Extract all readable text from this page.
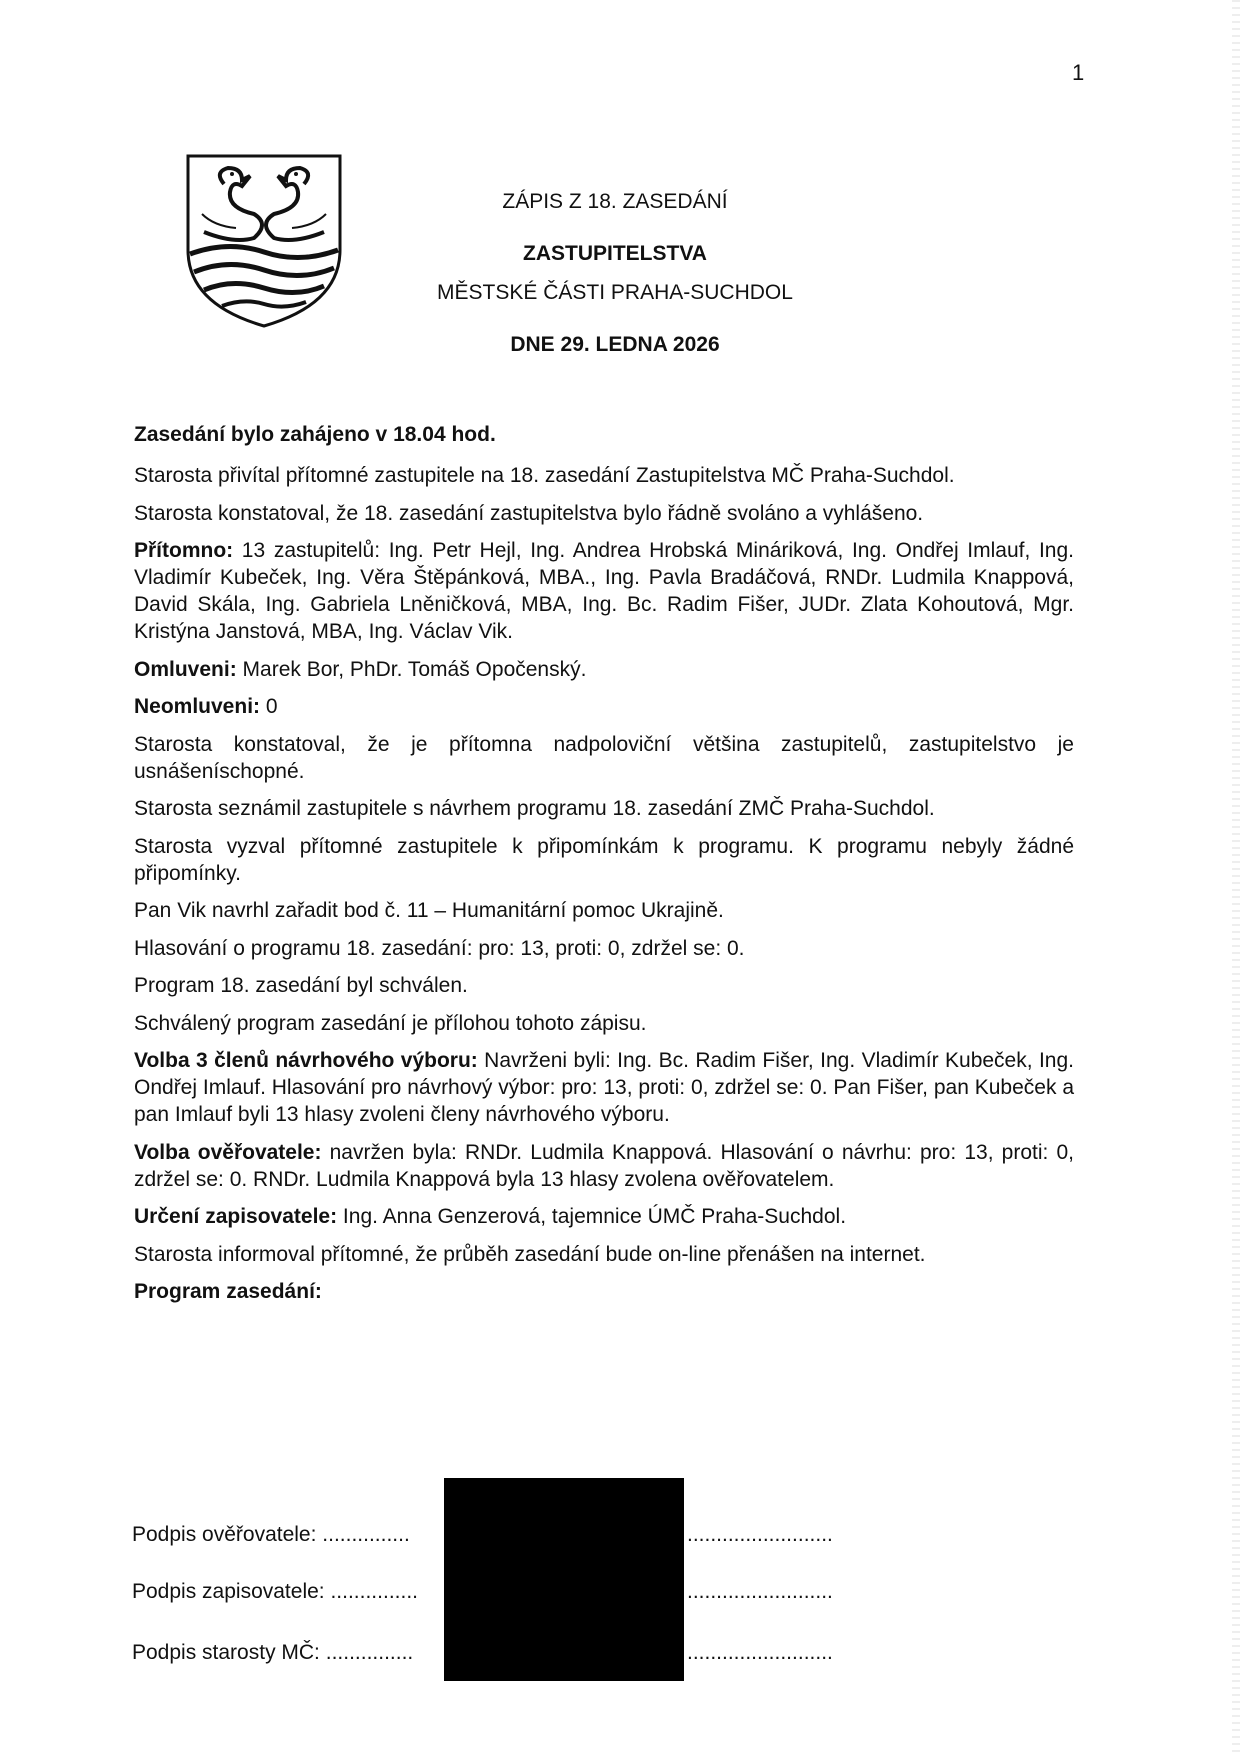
1
ZÁPIS Z 18. ZASEDÁNÍ
ZASTUPITELSTVA
MĚSTSKÉ ČÁSTI PRAHA-SUCHDOL
DNE 29. LEDNA 2026

Zasedání bylo zahájeno v 18.04 hod.

Starosta přivítal přítomné zastupitele na 18. zasedání Zastupitelstva MČ Praha-Suchdol.

Starosta konstatoval, že 18. zasedání zastupitelstva bylo řádně svoláno a vyhlášeno.

Přítomno: 13 zastupitelů: Ing. Petr Hejl, Ing. Andrea Hrobská Mináriková, Ing. Ondřej Imlauf, Ing. Vladimír Kubeček, Ing. Věra Štěpánková, MBA., Ing. Pavla Bradáčová, RNDr. Ludmila Knappová, David Skála, Ing. Gabriela Lněničková, MBA, Ing. Bc. Radim Fišer, JUDr. Zlata Kohoutová, Mgr. Kristýna Janstová, MBA, Ing. Václav Vik.

Omluveni: Marek Bor, PhDr. Tomáš Opočenský.

Neomluveni: 0

Starosta konstatoval, že je přítomna nadpoloviční většina zastupitelů, zastupitelstvo je usnášeníschopné.

Starosta seznámil zastupitele s návrhem programu 18. zasedání ZMČ Praha-Suchdol.

Starosta vyzval přítomné zastupitele k připomínkám k programu. K programu nebyly žádné připomínky.

Pan Vik navrhl zařadit bod č. 11 – Humanitární pomoc Ukrajině.

Hlasování o programu 18. zasedání: pro: 13, proti: 0, zdržel se: 0.

Program 18. zasedání byl schválen.

Schválený program zasedání je přílohou tohoto zápisu.

Volba 3 členů návrhového výboru: Navrženi byli: Ing. Bc. Radim Fišer, Ing. Vladimír Kubeček, Ing. Ondřej Imlauf. Hlasování pro návrhový výbor: pro: 13, proti: 0, zdržel se: 0. Pan Fišer, pan Kubeček a pan Imlauf byli 13 hlasy zvoleni členy návrhového výboru.

Volba ověřovatele: navržen byla: RNDr. Ludmila Knappová. Hlasování o návrhu: pro: 13, proti: 0, zdržel se: 0. RNDr. Ludmila Knappová byla 13 hlasy zvolena ověřovatelem.

Určení zapisovatele: Ing. Anna Genzerová, tajemnice ÚMČ Praha-Suchdol.

Starosta informoval přítomné, že průběh zasedání bude on-line přenášen na internet.

Program zasedání:

Podpis ověřovatele: ...............	.........................
Podpis zapisovatele: ...............	.........................
Podpis starosty MČ: ...............	.........................
